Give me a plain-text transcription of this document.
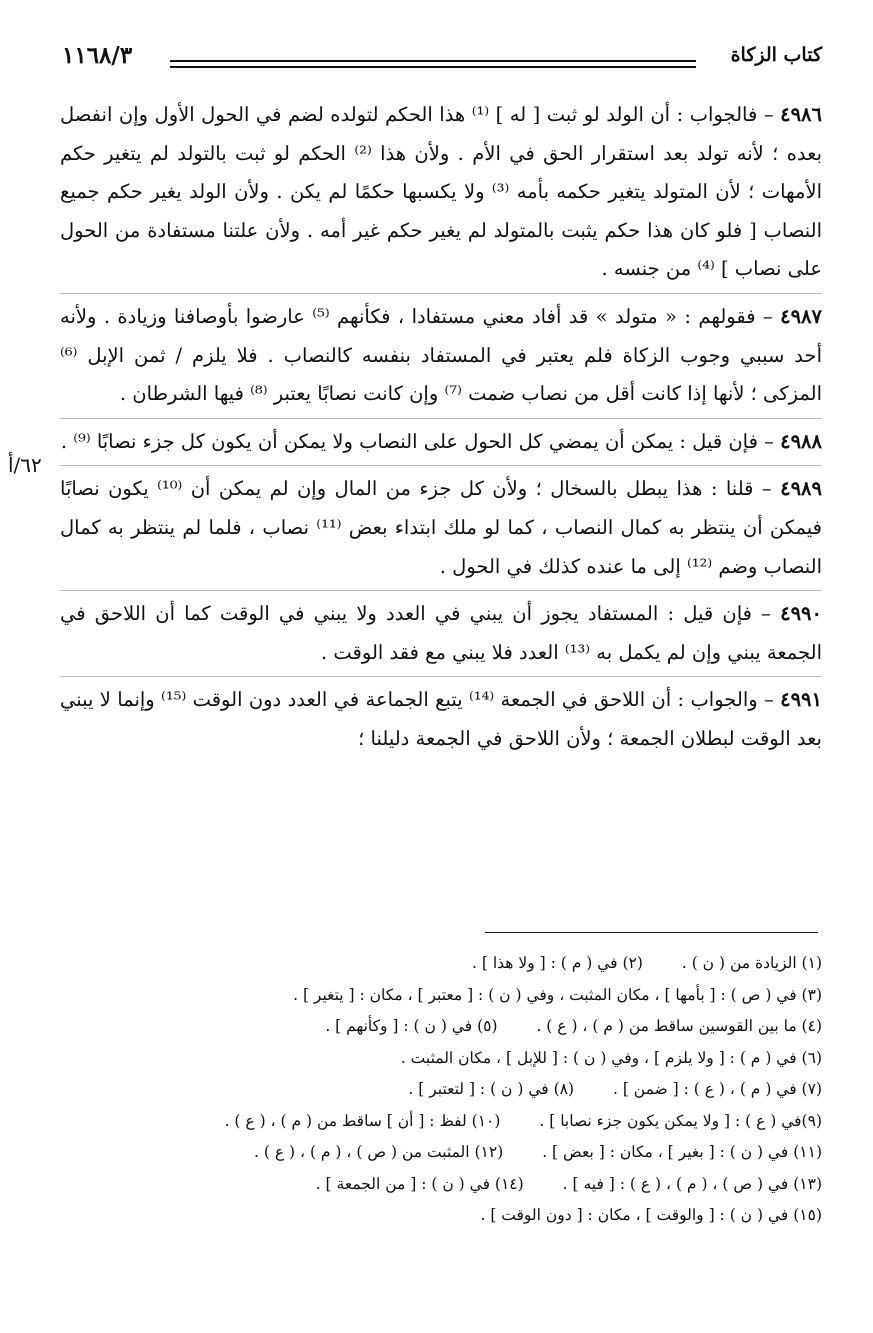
كتاب الزكاة
١١٦٨/٣
٦٢/أ

٤٩٨٦ – فالجواب : أن الولد لو ثبت [ له ] ⁽¹⁾ هذا الحكم لتولده لضم في الحول الأول وإن انفصل بعده ؛ لأنه تولد بعد استقرار الحق في الأم . ولأن هذا ⁽²⁾ الحكم لو ثبت بالتولد لم يتغير حكم الأمهات ؛ لأن المتولد يتغير حكمه بأمه ⁽³⁾ ولا يكسبها حكمًا لم يكن . ولأن الولد يغير حكم جميع النصاب [ فلو كان هذا حكم يثبت بالمتولد لم يغير حكم غير أمه . ولأن علتنا مستفادة من الحول على نصاب ] ⁽⁴⁾ من جنسه .

٤٩٨٧ – فقولهم : « متولد » قد أفاد معني مستفادا ، فكأنهم ⁽⁵⁾ عارضوا بأوصافنا وزيادة . ولأنه أحد سببي وجوب الزكاة فلم يعتبر في المستفاد بنفسه كالنصاب . فلا يلزم / ثمن الإبل ⁽⁶⁾ المزكى ؛ لأنها إذا كانت أقل من نصاب ضمت ⁽⁷⁾ وإن كانت نصابًا يعتبر ⁽⁸⁾ فيها الشرطان .

٤٩٨٨ – فإن قيل : يمكن أن يمضي كل الحول على النصاب ولا يمكن أن يكون كل جزء نصابًا ⁽⁹⁾ .

٤٩٨٩ – قلنا : هذا يبطل بالسخال ؛ ولأن كل جزء من المال وإن لم يمكن أن ⁽¹⁰⁾ يكون نصابًا فيمكن أن ينتظر به كمال النصاب ، كما لو ملك ابتداء بعض ⁽¹¹⁾ نصاب ، فلما لم ينتظر به كمال النصاب وضم ⁽¹²⁾ إلى ما عنده كذلك في الحول .

٤٩٩٠ – فإن قيل : المستفاد يجوز أن يبني في العدد ولا يبني في الوقت كما أن اللاحق في الجمعة يبني وإن لم يكمل به ⁽¹³⁾ العدد فلا يبني مع فقد الوقت .

٤٩٩١ – والجواب : أن اللاحق في الجمعة ⁽¹⁴⁾ يتبع الجماعة في العدد دون الوقت ⁽¹⁵⁾ وإنما لا يبني بعد الوقت لبطلان الجمعة ؛ ولأن اللاحق في الجمعة دليلنا ؛

(١) الزيادة من ( ن ) . (٢) في ( م ) : [ ولا هذا ] .
(٣) في ( ص ) : [ بأمها ] ، مكان المثبت ، وفي ( ن ) : [ معتبر ] ، مكان : [ يتغير ] .
(٤) ما بين القوسين ساقط من ( م ) ، ( ع ) . (٥) في ( ن ) : [ وكأنهم ] .
(٦) في ( م ) : [ ولا يلزم ] ، وفي ( ن ) : [ للإبل ] ، مكان المثبت .
(٧) في ( م ) ، ( ع ) : [ ضمن ] . (٨) في ( ن ) : [ لتعتبر ] .
(٩)في ( ع ) : [ ولا يمكن يكون جزء نصابا ] . (١٠) لفظ : [ أن ] ساقط من ( م ) ، ( ع ) .
(١١) في ( ن ) : [ بغير ] ، مكان : [ بعض ] . (١٢) المثبت من ( ص ) ، ( م ) ، ( ع ) .
(١٣) في ( ص ) ، ( م ) ، ( ع ) : [ فيه ] . (١٤) في ( ن ) : [ من الجمعة ] .
(١٥) في ( ن ) : [ والوقت ] ، مكان : [ دون الوقت ] .
